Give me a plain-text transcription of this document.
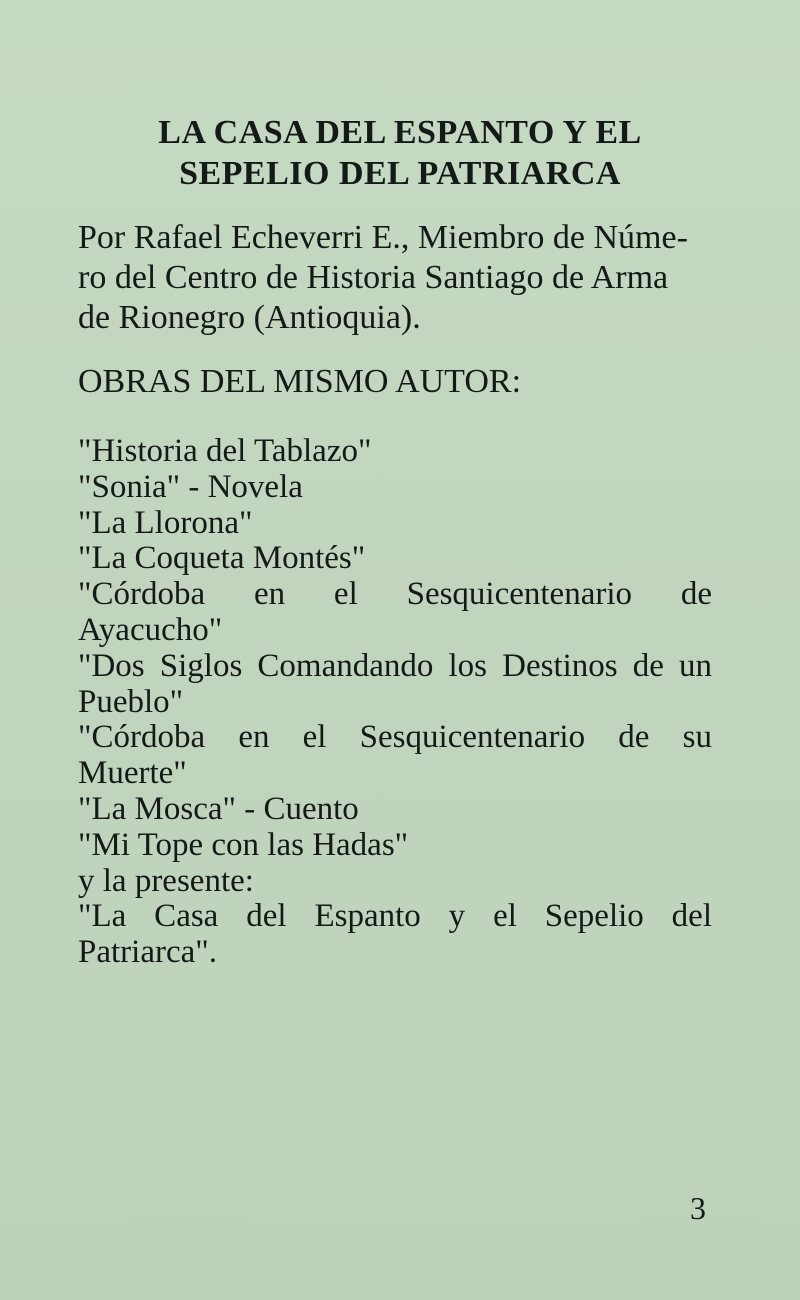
LA CASA DEL ESPANTO Y EL
SEPELIO DEL PATRIARCA
Por Rafael Echeverri E., Miembro de Núme-
ro del Centro de Historia Santiago de Arma
de Rionegro (Antioquia).
OBRAS DEL MISMO AUTOR:
"Historia del Tablazo"
"Sonia" - Novela
"La Llorona"
"La Coqueta Montés"
"Córdoba en el Sesquicentenario de
Ayacucho"
"Dos Siglos Comandando los Destinos de un
Pueblo"
"Córdoba en el Sesquicentenario de su
Muerte"
"La Mosca" - Cuento
"Mi Tope con las Hadas"
y la presente:
"La Casa del Espanto y el Sepelio del
Patriarca".
3
